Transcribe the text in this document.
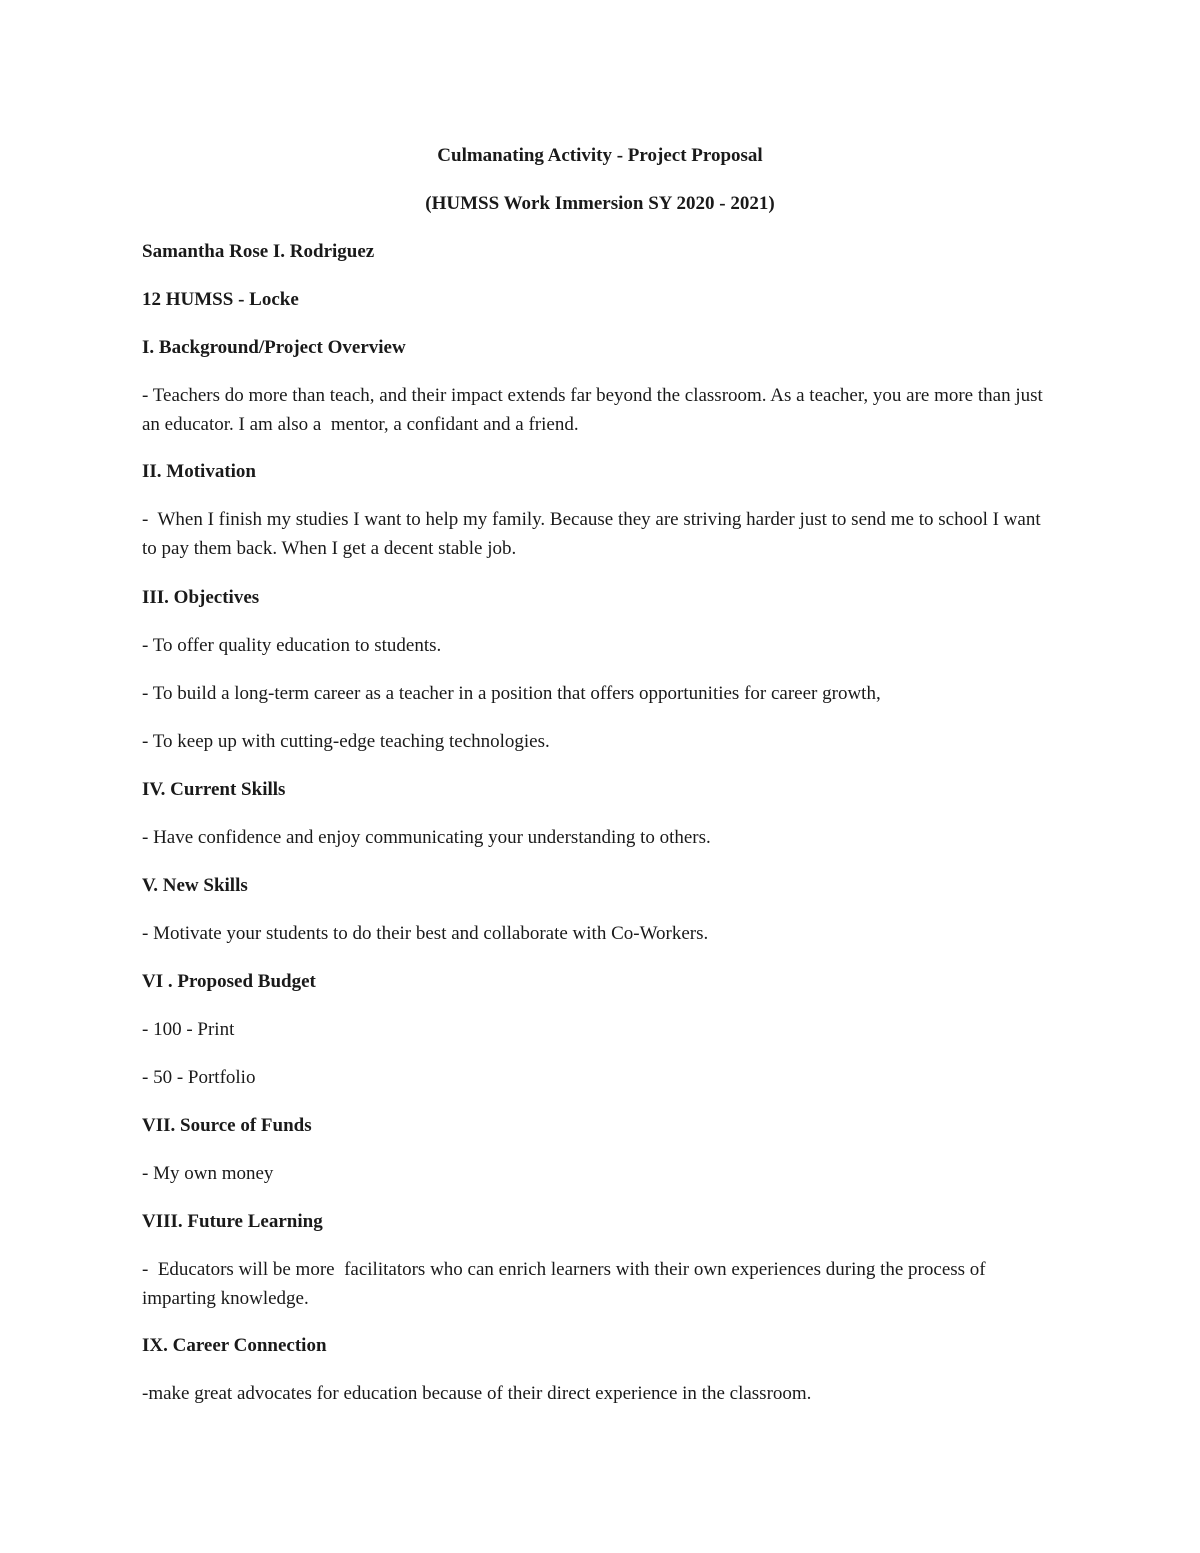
Culmanating Activity - Project Proposal

(HUMSS Work Immersion SY 2020 - 2021)

Samantha Rose I. Rodriguez

12 HUMSS - Locke

I. Background/Project Overview

- Teachers do more than teach, and their impact extends far beyond the classroom. As a teacher, you are more than just an educator. I am also a  mentor, a confidant and a friend.

II. Motivation

-  When I finish my studies I want to help my family. Because they are striving harder just to send me to school I want to pay them back. When I get a decent stable job.

III. Objectives

- To offer quality education to students.

- To build a long-term career as a teacher in a position that offers opportunities for career growth,

- To keep up with cutting-edge teaching technologies.

IV. Current Skills

- Have confidence and enjoy communicating your understanding to others.

V. New Skills

- Motivate your students to do their best and collaborate with Co-Workers.

VI . Proposed Budget

- 100 - Print

- 50 - Portfolio

VII. Source of Funds

- My own money

VIII. Future Learning

-  Educators will be more  facilitators who can enrich learners with their own experiences during the process of imparting knowledge.

IX. Career Connection

-make great advocates for education because of their direct experience in the classroom.
